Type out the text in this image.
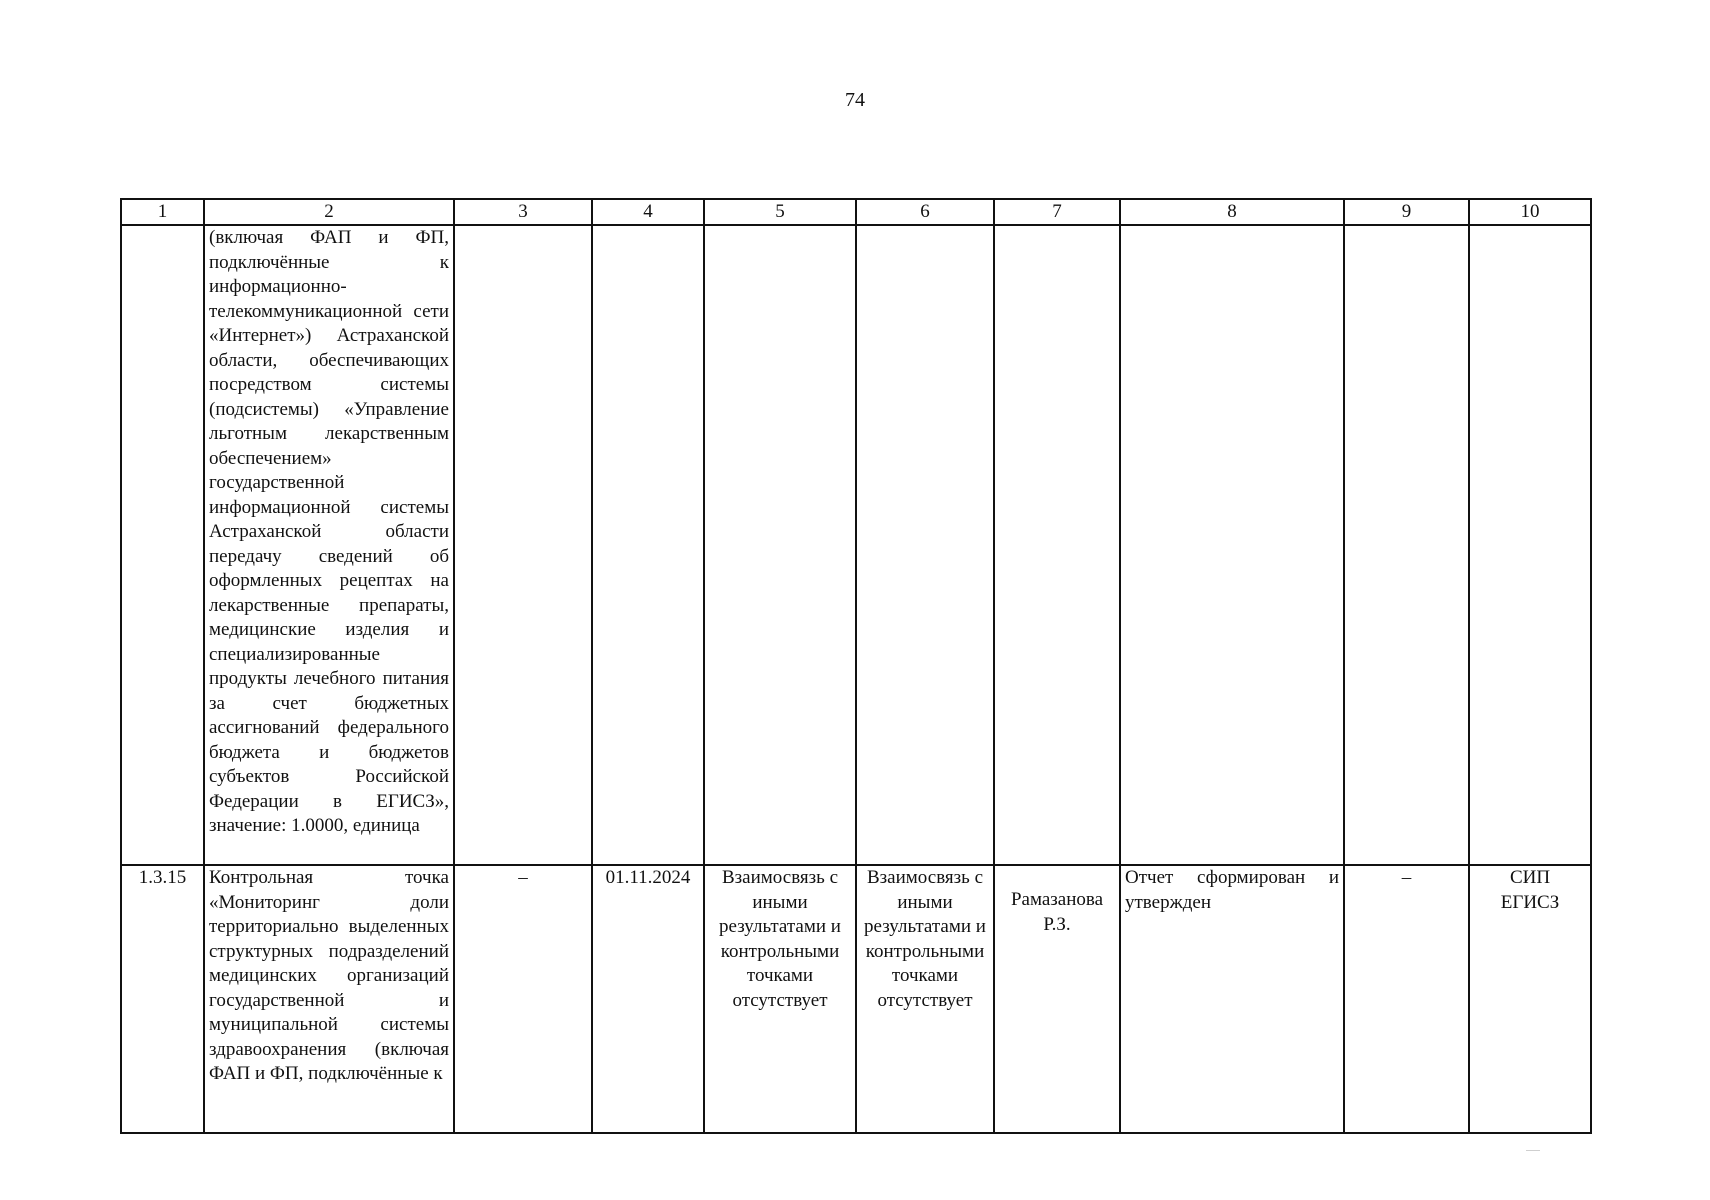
74
1	2	3	4	5	6	7	8	9	10
	(включая ФАП и ФП, подключённые к информационно-телекоммуникационной сети «Интернет») Астраханской области, обеспечивающих посредством системы (подсистемы) «Управление льготным лекарственным обеспечением» государственной информационной системы Астраханской области передачу сведений об оформленных рецептах на лекарственные препараты, медицинские изделия и специализированные продукты лечебного питания за счет бюджетных ассигнований федерального бюджета и бюджетов субъектов Российской Федерации в ЕГИСЗ», значение: 1.0000, единица								
1.3.15	Контрольная точка «Мониторинг доли территориально выделенных структурных подразделений медицинских организаций государственной и муниципальной системы здравоохранения (включая ФАП и ФП, подключённые к	–	01.11.2024	Взаимосвязь с иными результатами и контрольными точками отсутствует	Взаимосвязь с иными результатами и контрольными точками отсутствует	Рамазанова Р.З.	Отчет сформирован и утвержден	–	СИП
ЕГИСЗ
